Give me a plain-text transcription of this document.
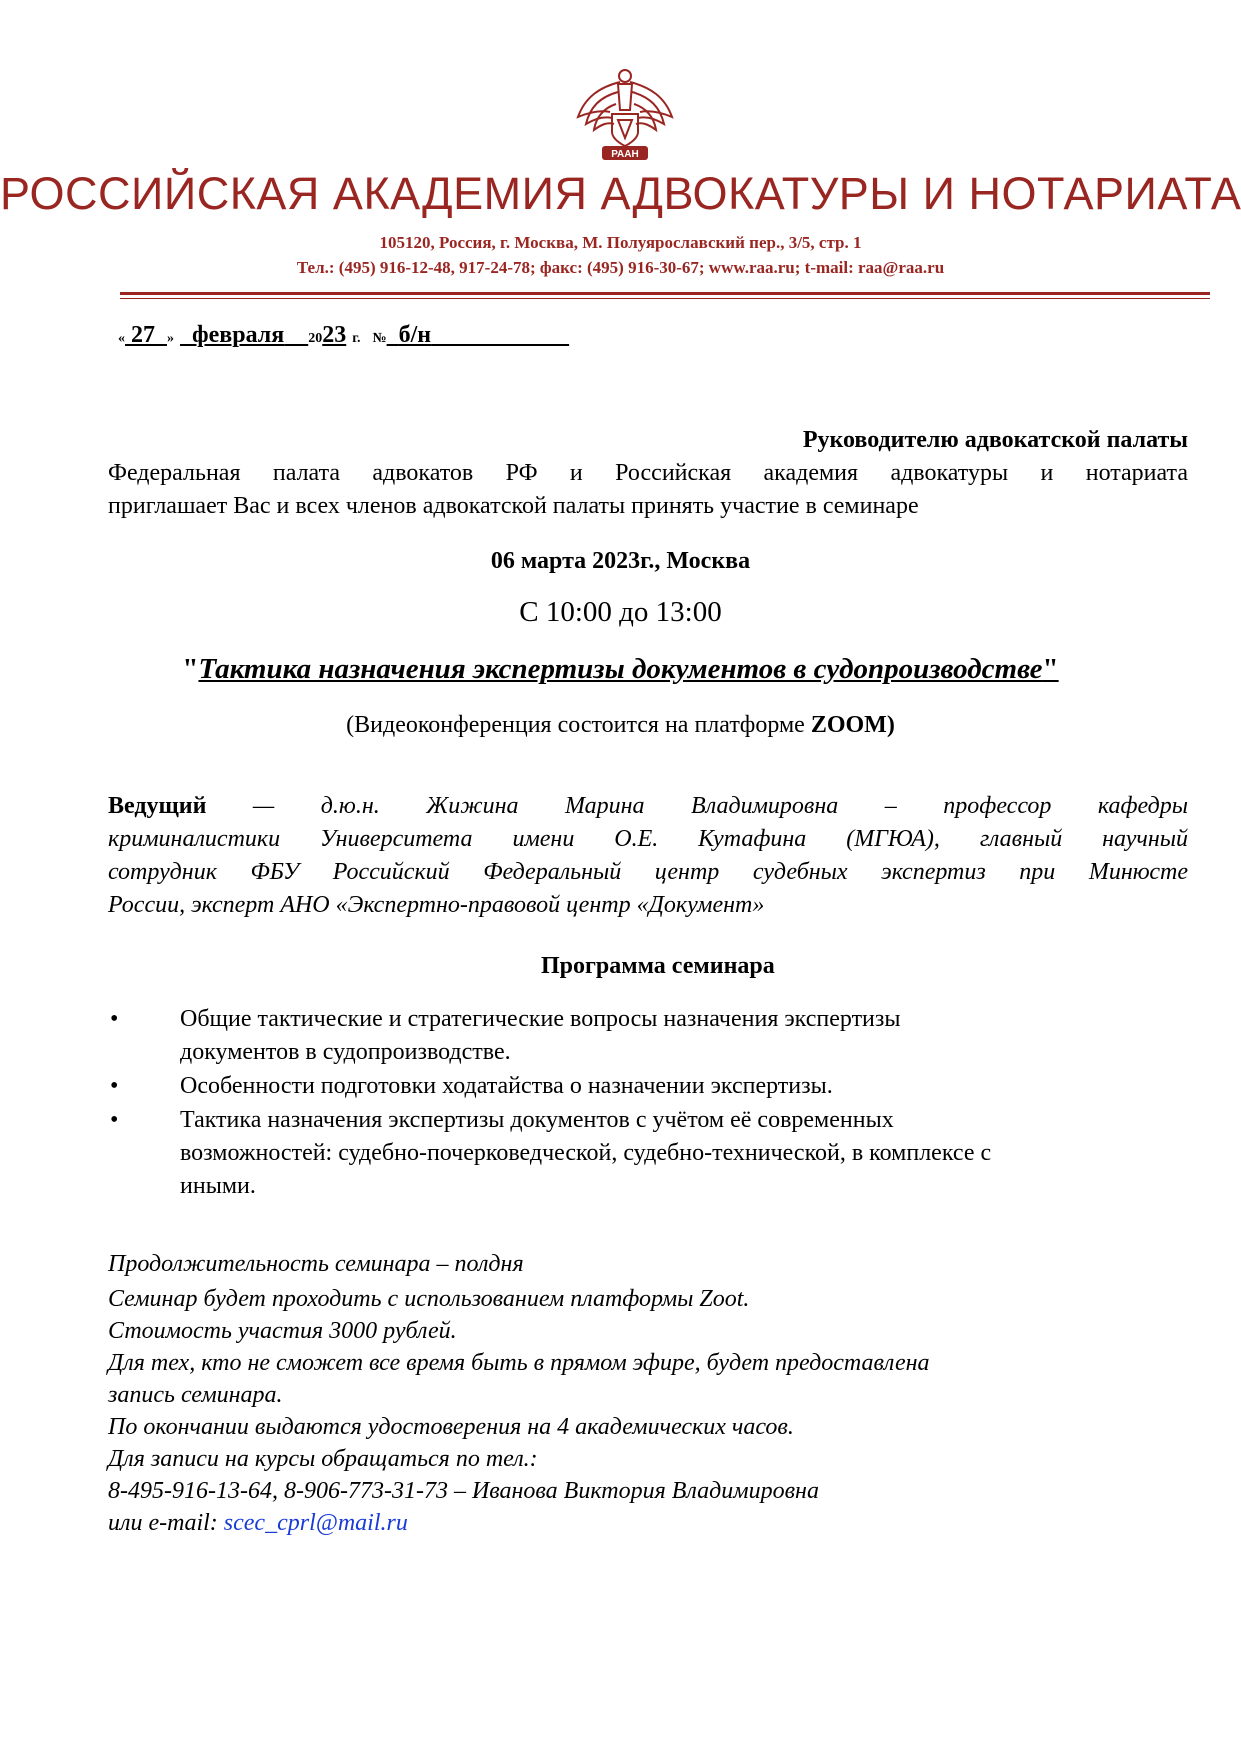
РААН
РОССИЙСКАЯ АКАДЕМИЯ АДВОКАТУРЫ И НОТАРИАТА
105120, Россия, г. Москва, М. Полуярославский пер., 3/5, стр. 1
Тел.: (495) 916-12-48, 917-24-78; факс: (495) 916-30-67; www.raa.ru; t-mail: raa@raa.ru
« 27 » февраля 2023 г. № б/н
Руководителю адвокатской палаты
Федеральная палата адвокатов РФ и Российская академия адвокатуры и нотариата
приглашает Вас и всех членов адвокатской палаты принять участие в семинаре
06 марта 2023г., Москва
С 10:00 до 13:00
"Тактика назначения экспертизы документов в судопроизводстве"
(Видеоконференция состоится на платформе ZOOM)
Ведущий — д.ю.н. Жижина Марина Владимировна – профессор кафедры
криминалистики Университета имени О.Е. Кутафина (МГЮА), главный научный
сотрудник ФБУ Российский Федеральный центр судебных экспертиз при Минюсте
России, эксперт АНО «Экспертно-правовой центр «Документ»
Программа семинара
•	Общие тактические и стратегические вопросы назначения экспертизы
документов в судопроизводстве.
•	Особенности подготовки ходатайства о назначении экспертизы.
•	Тактика назначения экспертизы документов с учётом её современных
возможностей: судебно-почерковедческой, судебно-технической, в комплексе с
иными.
Продолжительность семинара – полдня
Семинар будет проходить с использованием платформы Zoot.
Стоимость участия 3000 рублей.
Для тех, кто не сможет все время быть в прямом эфире, будет предоставлена
запись семинара.
По окончании выдаются удостоверения на 4 академических часов.
Для записи на курсы обращаться по тел.:
8-495-916-13-64, 8-906-773-31-73 – Иванова Виктория Владимировна
или e-mail: scec_cprl@mail.ru
